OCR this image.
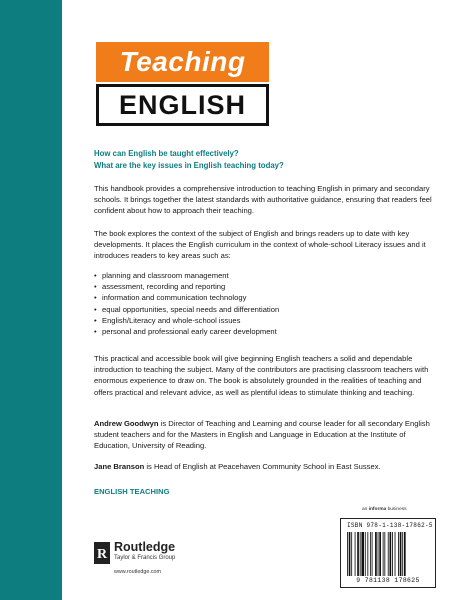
Teaching
ENGLISH
How can English be taught effectively?
What are the key issues in English teaching today?

This handbook provides a comprehensive introduction to teaching English in primary and secondary schools. It brings together the latest standards with authoritative guidance, ensuring that readers feel confident about how to approach their teaching.

The book explores the context of the subject of English and brings readers up to date with key developments. It places the English curriculum in the context of whole-school Literacy issues and it introduces readers to key areas such as:

• planning and classroom management
• assessment, recording and reporting
• information and communication technology
• equal opportunities, special needs and differentiation
• English/Literacy and whole-school issues
• personal and professional early career development

This practical and accessible book will give beginning English teachers a solid and dependable introduction to teaching the subject. Many of the contributors are practising classroom teachers with enormous experience to draw on. The book is absolutely grounded in the realities of teaching and offers practical and relevant advice, as well as plentiful ideas to stimulate thinking and teaching.

Andrew Goodwyn is Director of Teaching and Learning and course leader for all secondary English student teachers and for the Masters in English and Language in Education at the Institute of Education, University of Reading.

Jane Branson is Head of English at Peacehaven Community School in East Sussex.

ENGLISH TEACHING
an informa business
ISBN 978-1-138-17862-5
9 781138 178625
R Routledge
Taylor & Francis Group
www.routledge.com
